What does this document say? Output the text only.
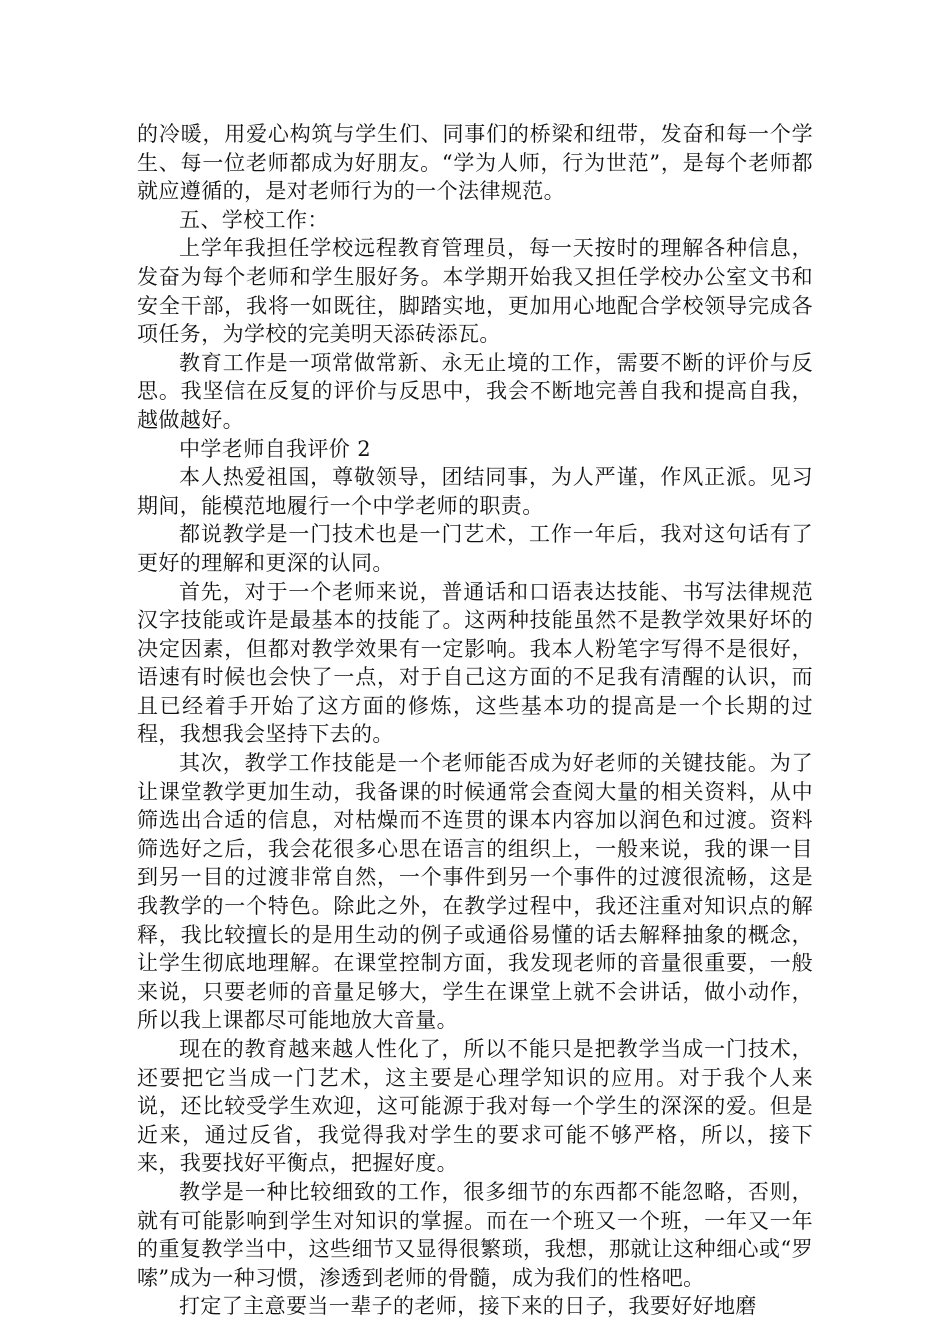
的冷暖，用爱心构筑与学生们、同事们的桥梁和纽带，发奋和每一个学生、每一位老师都成为好朋友。“学为人师，行为世范”，是每个老师都就应遵循的，是对老师行为的一个法律规范。

五、学校工作：

上学年我担任学校远程教育管理员，每一天按时的理解各种信息，发奋为每个老师和学生服好务。本学期开始我又担任学校办公室文书和安全干部，我将一如既往，脚踏实地，更加用心地配合学校领导完成各项任务，为学校的完美明天添砖添瓦。

教育工作是一项常做常新、永无止境的工作，需要不断的评价与反思。我坚信在反复的评价与反思中，我会不断地完善自我和提高自我，越做越好。

中学老师自我评价 2

本人热爱祖国，尊敬领导，团结同事，为人严谨，作风正派。见习期间，能模范地履行一个中学老师的职责。

都说教学是一门技术也是一门艺术，工作一年后，我对这句话有了更好的理解和更深的认同。

首先，对于一个老师来说，普通话和口语表达技能、书写法律规范汉字技能或许是最基本的技能了。这两种技能虽然不是教学效果好坏的决定因素，但都对教学效果有一定影响。我本人粉笔字写得不是很好，语速有时候也会快了一点，对于自己这方面的不足我有清醒的认识，而且已经着手开始了这方面的修炼，这些基本功的提高是一个长期的过程，我想我会坚持下去的。

其次，教学工作技能是一个老师能否成为好老师的关键技能。为了让课堂教学更加生动，我备课的时候通常会查阅大量的相关资料，从中筛选出合适的信息，对枯燥而不连贯的课本内容加以润色和过渡。资料筛选好之后，我会花很多心思在语言的组织上，一般来说，我的课一目到另一目的过渡非常自然，一个事件到另一个事件的过渡很流畅，这是我教学的一个特色。除此之外，在教学过程中，我还注重对知识点的解释，我比较擅长的是用生动的例子或通俗易懂的话去解释抽象的概念，让学生彻底地理解。在课堂控制方面，我发现老师的音量很重要，一般来说，只要老师的音量足够大，学生在课堂上就不会讲话，做小动作，所以我上课都尽可能地放大音量。

现在的教育越来越人性化了，所以不能只是把教学当成一门技术，还要把它当成一门艺术，这主要是心理学知识的应用。对于我个人来说，还比较受学生欢迎，这可能源于我对每一个学生的深深的爱。但是近来，通过反省，我觉得我对学生的要求可能不够严格，所以，接下来，我要找好平衡点，把握好度。

教学是一种比较细致的工作，很多细节的东西都不能忽略，否则，就有可能影响到学生对知识的掌握。而在一个班又一个班，一年又一年的重复教学当中，这些细节又显得很繁琐，我想，那就让这种细心或“罗嗦”成为一种习惯，渗透到老师的骨髓，成为我们的性格吧。

打定了主意要当一辈子的老师，接下来的日子，我要好好地磨
